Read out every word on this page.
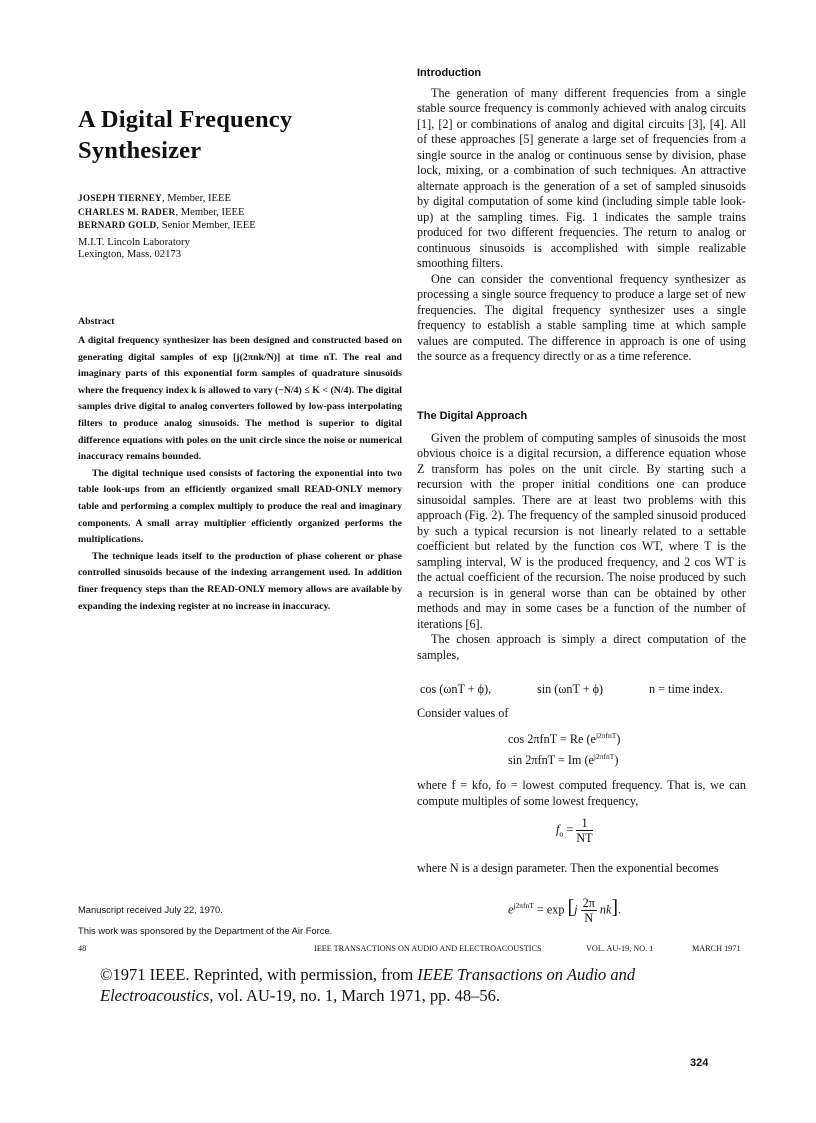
A Digital Frequency Synthesizer
JOSEPH TIERNEY, Member, IEEE
CHARLES M. RADER, Member, IEEE
BERNARD GOLD, Senior Member, IEEE
M.I.T. Lincoln Laboratory
Lexington, Mass. 02173
Abstract

A digital frequency synthesizer has been designed and constructed based on generating digital samples of exp [j(2πnk/N)] at time nT. The real and imaginary parts of this exponential form samples of quadrature sinusoids where the frequency index k is allowed to vary (−N/4) ≤ K < (N/4). The digital samples drive digital to analog converters followed by low-pass interpolating filters to produce analog sinusoids. The method is superior to digital difference equations with poles on the unit circle since the noise or numerical inaccuracy remains bounded.

The digital technique used consists of factoring the exponential into two table look-ups from an efficiently organized small READ-ONLY memory table and performing a complex multiply to produce the real and imaginary components. A small array multiplier efficiently organized performs the multiplications.

The technique leads itself to the production of phase coherent or phase controlled sinusoids because of the indexing arrangement used. In addition finer frequency steps than the READ-ONLY memory allows are available by expanding the indexing register at no increase in inaccuracy.

Manuscript received July 22, 1970.
This work was sponsored by the Department of the Air Force.
Introduction

The generation of many different frequencies from a single stable source frequency is commonly achieved with analog circuits [1], [2] or combinations of analog and digital circuits [3], [4]. All of these approaches [5] generate a large set of frequencies from a single source in the analog or continuous sense by division, phase lock, mixing, or a combination of such techniques. An attractive alternate approach is the generation of a set of sampled sinusoids by digital computation of some kind (including simple table look-up) at the sampling times. Fig. 1 indicates the sample trains produced for two different frequencies. The return to analog or continuous sinusoids is accomplished with simple realizable smoothing filters.

One can consider the conventional frequency synthesizer as processing a single source frequency to produce a large set of new frequencies. The digital frequency synthesizer uses a single frequency to establish a stable sampling time at which sample values are computed. The difference in approach is one of using the source as a frequency directly or as a time reference.

The Digital Approach

Given the problem of computing samples of sinusoids the most obvious choice is a digital recursion, a difference equation whose Z transform has poles on the unit circle. By starting such a recursion with the proper initial conditions one can produce sinusoidal samples. There are at least two problems with this approach (Fig. 2). The frequency of the sampled sinusoid produced by such a typical recursion is not linearly related to a settable coefficient but related by the function cos WT, where T is the sampling interval, W is the produced frequency, and 2 cos WT is the actual coefficient of the recursion. The noise produced by such a recursion is in general worse than can be obtained by other methods and may in some cases be a function of the number of iterations [6].

The chosen approach is simply a direct computation of the samples,

cos (ωnT + ϕ),	sin (ωnT + ϕ)	n = time index.
Consider values of
cos 2πfnT = Re $(e^{j2\pi fnT})$
sin 2πfnT = Im $(e^{j2\pi fnT})$
where f = kfo, fo = lowest computed frequency. That is, we can compute multiples of some lowest frequency,
$f_o = \frac{1}{NT}$
where N is a design parameter. Then the exponential becomes
$e^{j2\pi fnT} = \exp [j \frac{2\pi}{N} nk]$.
48	IEEE TRANSACTIONS ON AUDIO AND ELECTROACOUSTICS	VOL. AU-19, NO. 1	MARCH 1971
©1971 IEEE. Reprinted, with permission, from IEEE Transactions on Audio and Electroacoustics, vol. AU-19, no. 1, March 1971, pp. 48–56.
324
